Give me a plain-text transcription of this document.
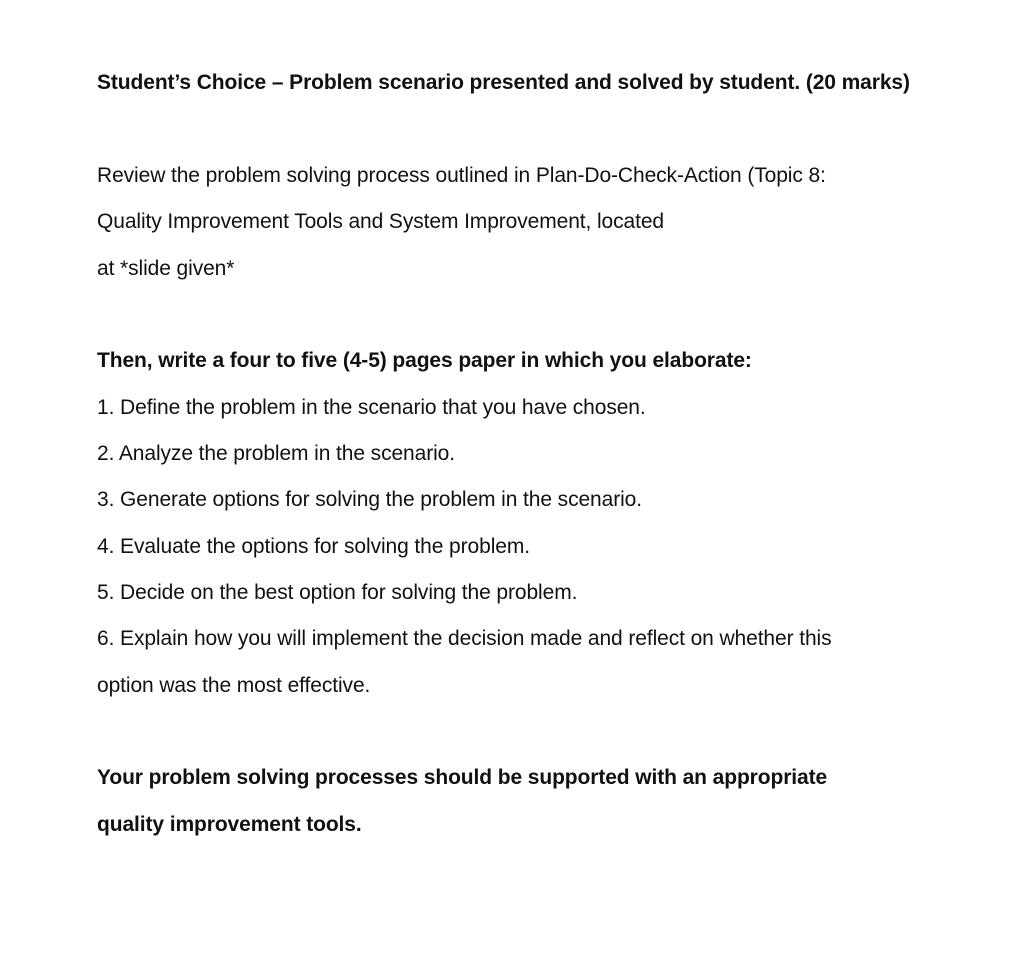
Student’s Choice – Problem scenario presented and solved by student. (20 marks)
Review the problem solving process outlined in Plan-Do-Check-Action (Topic 8:
Quality Improvement Tools and System Improvement, located
at *slide given*
Then, write a four to five (4-5) pages paper in which you elaborate:
1. Define the problem in the scenario that you have chosen.
2. Analyze the problem in the scenario.
3. Generate options for solving the problem in the scenario.
4. Evaluate the options for solving the problem.
5. Decide on the best option for solving the problem.
6. Explain how you will implement the decision made and reflect on whether this
option was the most effective.
Your problem solving processes should be supported with an appropriate
quality improvement tools.
